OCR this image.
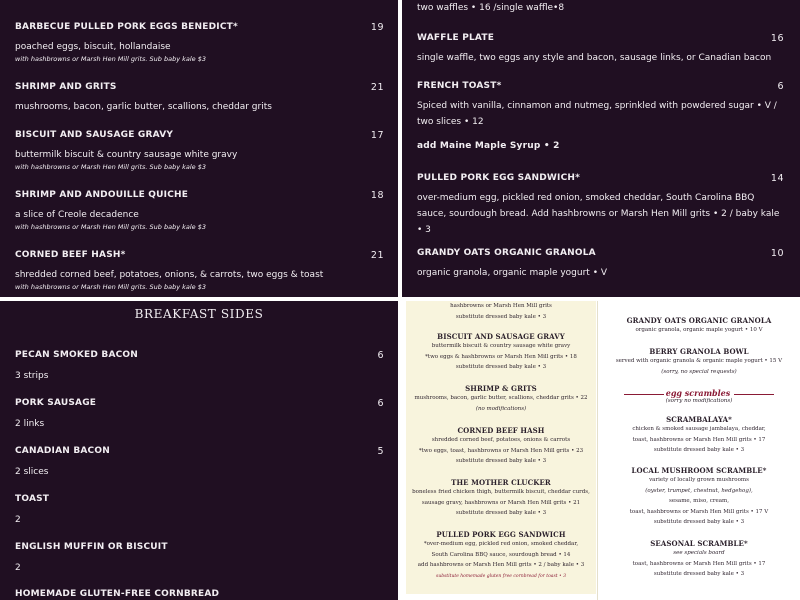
BARBECUE PULLED PORK EGGS BENEDICT*	19
poached eggs, biscuit, hollandaise
with hashbrowns or Marsh Hen Mill grits. Sub baby kale $3
SHRIMP AND GRITS	21
mushrooms, bacon, garlic butter, scallions, cheddar grits
BISCUIT AND SAUSAGE GRAVY	17
buttermilk biscuit & country sausage white gravy
with hashbrowns or Marsh Hen Mill grits. Sub baby kale $3
SHRIMP AND ANDOUILLE QUICHE	18
a slice of Creole decadence
with hashbrowns or Marsh Hen Mill grits. Sub baby kale $3
CORNED BEEF HASH*	21
shredded corned beef, potatoes, onions, & carrots, two eggs & toast
with hashbrowns or Marsh Hen Mill grits. Sub baby kale $3
two waffles • 16 /single waffle•8
WAFFLE PLATE	16
single waffle, two eggs any style and bacon, sausage links, or Canadian bacon
FRENCH TOAST*	6
Spiced with vanilla, cinnamon and nutmeg, sprinkled with powdered sugar • V / two slices • 12
add Maine Maple Syrup • 2
PULLED PORK EGG SANDWICH*	14
over-medium egg, pickled red onion, smoked cheddar, South Carolina BBQ sauce, sourdough bread. Add hashbrowns or Marsh Hen Mill grits • 2 / baby kale • 3
GRANDY OATS ORGANIC GRANOLA	10
organic granola, organic maple yogurt • V
BREAKFAST SIDES
PECAN SMOKED BACON	6
3 strips
PORK SAUSAGE	6
2 links
CANADIAN BACON	5
2 slices
TOAST
2
ENGLISH MUFFIN OR BISCUIT
2
HOMEMADE GLUTEN-FREE CORNBREAD
hashbrowns or Marsh Hen Mill grits
substitute dressed baby kale • 3
BISCUIT AND SAUSAGE GRAVY
buttermilk biscuit & country sausage white gravy
*two eggs & hashbrowns or Marsh Hen Mill grits • 18
substitute dressed baby kale • 3
SHRIMP & GRITS
mushrooms, bacon, garlic butter, scallions, cheddar grits • 22
(no modifications)
CORNED BEEF HASH
shredded corned beef, potatoes, onions & carrots
*two eggs, toast, hashbrowns or Marsh Hen Mill grits • 23
substitute dressed baby kale • 3
THE MOTHER CLUCKER
boneless fried chicken thigh, buttermilk biscuit, cheddar curds,
sausage gravy, hashbrowns or Marsh Hen Mill grits • 21
substitute dressed baby kale • 3
PULLED PORK EGG SANDWICH
*over-medium egg, pickled red onion, smoked cheddar,
South Carolina BBQ sauce, sourdough bread • 14
add hashbrowns or Marsh Hen Mill grits • 2 / baby kale • 3
substitute homemade gluten free cornbread for toast • 3
GRANDY OATS ORGANIC GRANOLA
organic granola, organic maple yogurt • 10 V
BERRY GRANOLA BOWL
served with organic granola & organic maple yogurt • 15 V
(sorry, no special requests)
egg scrambles
(sorry no modifications)
SCRAMBALAYA*
chicken & smoked sausage jambalaya, cheddar,
toast, hashbrowns or Marsh Hen Mill grits • 17
substitute dressed baby kale • 3
LOCAL MUSHROOM SCRAMBLE*
variety of locally grown mushrooms
(oyster, trumpet, chestnut, hedgehog),
sesame, miso, cream,
toast, hashbrowns or Marsh Hen Mill grits • 17 V
substitute dressed baby kale • 3
SEASONAL SCRAMBLE*
see specials board
toast, hashbrowns or Marsh Hen Mill grits • 17
substitute dressed baby kale • 3
